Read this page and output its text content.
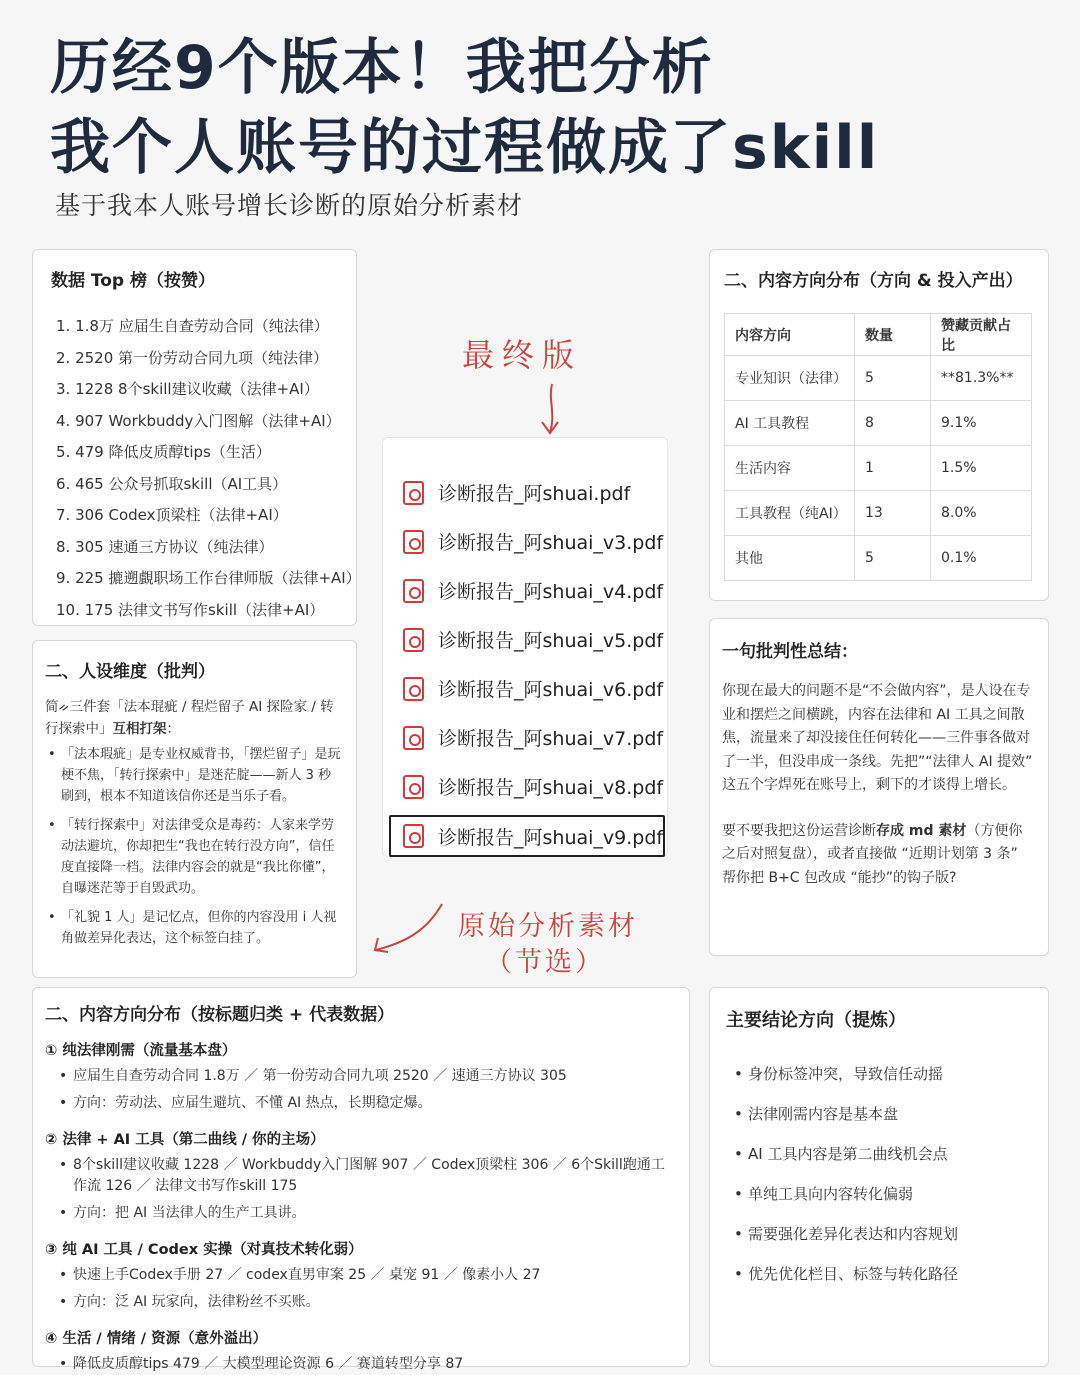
历经9个版本！我把分析
我个人账号的过程做成了skill
基于我本人账号增长诊断的原始分析素材
数据 Top 榜（按赞）
1. 1.8万 应届生自查劳动合同（纯法律）
2. 2520 第一份劳动合同九项（纯法律）
3. 1228 8个skill建议收藏（法律+AI）
4. 907 Workbuddy入门图解（法律+AI）
5. 479 降低皮质醇tips（生活）
6. 465 公众号抓取skill（AI工具）
7. 306 Codex顶梁柱（法律+AI）
8. 305 速通三方协议（纯法律）
9. 225 摝遡覰职场工作台律师版（法律+AI）
10. 175 法律文书写作skill（法律+AI）
二、人设维度（批判）
简ᨀ三件套「法本琨疵 / 程烂留子 AI 探险家 / 转行探索中」互相打架：
• 「法本瑕疵」是专业权威背书，「摆烂留子」是玩梗不焦，「转行探索中」是迷茫腚——新人 3 秒刷到，根本不知道该信你还是当乐子看。
• 「转行探索中」对法律受众是毒药：人家来学劳动法避坑，你却把生“我也在转行没方向”，信任度直接降一档。法律内容会的就是“我比你懂”，自曝迷茫等于自毁武功。
• 「礼貌 1 人」是记忆点，但你的内容没用 i 人视角做差异化表达，这个标签白挂了。
最终版
诊断报告_阿shuai.pdf
诊断报告_阿shuai_v3.pdf
诊断报告_阿shuai_v4.pdf
诊断报告_阿shuai_v5.pdf
诊断报告_阿shuai_v6.pdf
诊断报告_阿shuai_v7.pdf
诊断报告_阿shuai_v8.pdf
诊断报告_阿shuai_v9.pdf
原始分析素材
（节选）
二、内容方向分布（方向 & 投入产出）
内容方向	数量	赞藏贡献占比
专业知识（法律）	5	**81.3%**
AI 工具教程	8	9.1%
生活内容	1	1.5%
工具教程（纯AI）	13	8.0%
其他	5	0.1%
一句批判性总结：

你现在最大的问题不是“不会做内容”，是人设在专业和摆烂之间横跳，内容在法律和 AI 工具之间散焦，流量来了却没接住任何转化——三件事各做对了一半，但没串成一条线。先把”“法律人 AI 提效” 这五个字焊死在账号上，剩下的才谈得上增长。

要不要我把这份运营诊断存成 md 素材（方便你之后对照复盘），或者直接做 “近期计划第 3 条” 帮你把 B+C 包改成 “能抄”的钩子版?

二、内容方向分布（按标题归类 + 代表数据）
① 纯法律刚需（流量基本盘）
• 应届生自查劳动合同 1.8万 ／ 第一份劳动合同九项 2520 ／ 速通三方协议 305
• 方向：劳动法、应届生避坑、不懂 AI 热点，长期稳定爆。
② 法律 + AI 工具（第二曲线 / 你的主场）
• 8个skill建议收藏 1228 ／ Workbuddy入门图解 907 ／ Codex顶梁柱 306 ／ 6个Skill跑通工作流 126 ／ 法律文书写作skill 175
• 方向：把 AI 当法律人的生产工具讲。
③ 纯 AI 工具 / Codex 实操（对真技术转化弱）
• 快速上手Codex手册 27 ／ codex直男审案 25 ／ 桌宠 91 ／ 像素小人 27
• 方向：泛 AI 玩家向，法律粉丝不买账。
④ 生活 / 情绪 / 资源（意外溢出）
• 降低皮质醇tips 479 ／ 大模型理论资源 6 ／ 赛道转型分享 87
主要结论方向（提炼）
• 身份标签冲突，导致信任动摇
• 法律刚需内容是基本盘
• AI 工具内容是第二曲线机会点
• 单纯工具向内容转化偏弱
• 需要强化差异化表达和内容规划
• 优先优化栏目、标签与转化路径
